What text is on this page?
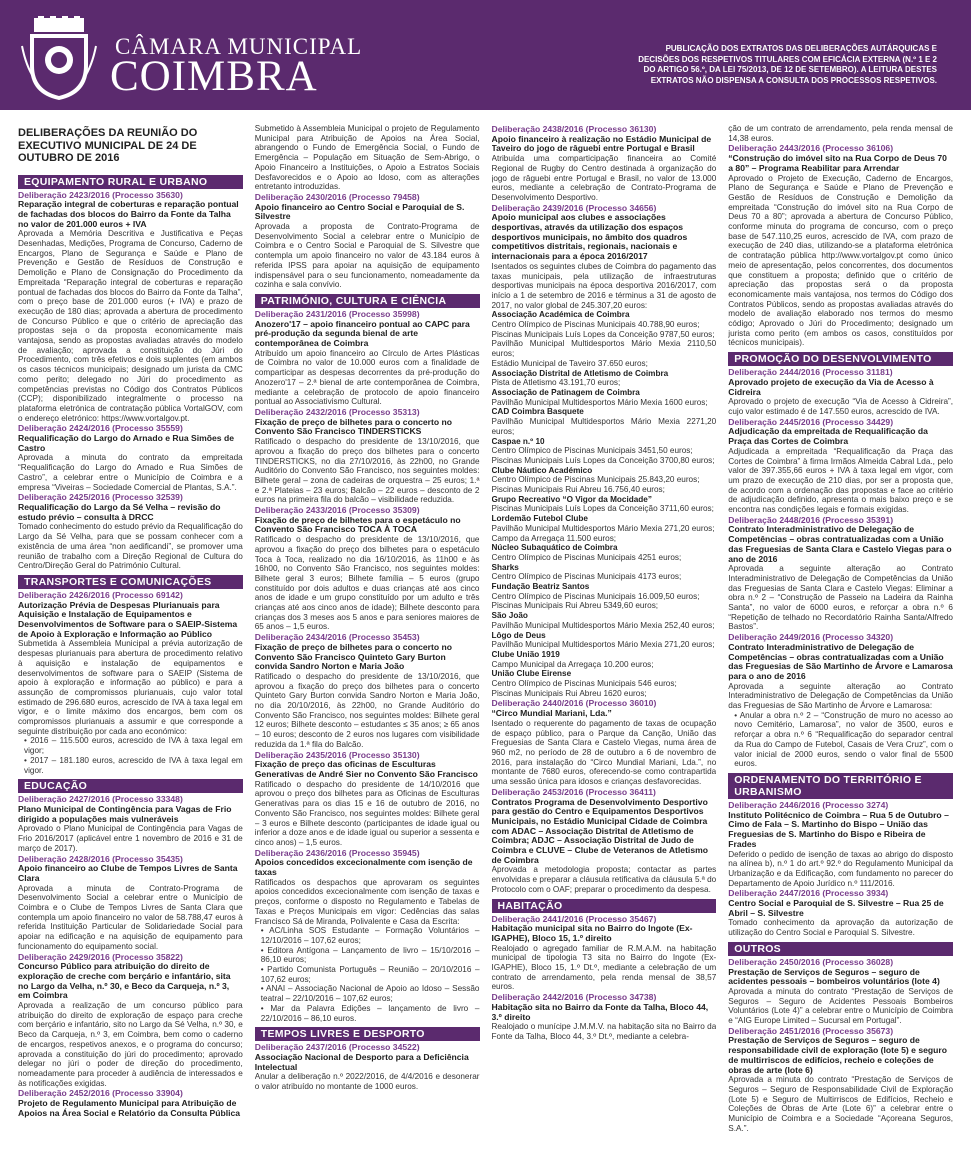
CÂMARA MUNICIPAL
COIMBRA
PUBLICAÇÃO DOS EXTRATOS DAS DELIBERAÇÕES AUTÁRQUICAS E DECISÕES DOS RESPETIVOS TITULARES COM EFICÁCIA EXTERNA (N.º 1 E 2 DO ARTIGO 56.º, DA LEI 75/2013, DE 12 DE SETEMBRO). A LEITURA DESTES EXTRATOS NÃO DISPENSA A CONSULTA DOS PROCESSOS RESPETIVOS.
DELIBERAÇÕES DA REUNIÃO DO EXECUTIVO MUNICIPAL DE 24 DE OUTUBRO DE 2016
EQUIPAMENTO RURAL E URBANO
Deliberação 2423/2016 (Processo 35630)
Reparação integral de coberturas e reparação pontual de fachadas dos blocos do Bairro da Fonte da Talha no valor de 201.000 euros + IVA
Aprovada a Memória Descritiva e Justificativa e Peças Desenhadas, Medições, Programa de Concurso, Caderno de Encargos, Plano de Segurança e Saúde e Plano de Prevenção e Gestão de Resíduos de Construção e Demolição e Plano de Consignação do Procedimento da Empreitada “Reparação integral de coberturas e reparação pontual de fachadas dos blocos do Bairro da Fonte da Talha”, com o preço base de 201.000 euros (+ IVA) e prazo de execução de 180 dias; aprovada a abertura de procedimento de Concurso Público e que o critério de apreciação das propostas seja o da proposta economicamente mais vantajosa, sendo as propostas avaliadas através do modelo de avaliação; aprovada a constituição do Júri do Procedimento, com três efetivos e dois suplentes (em ambos os casos técnicos municipais; designado um jurista da CMC como perito; delegado no Júri do procedimento as competências previstas no Código dos Contratos Públicos (CCP); disponibilizado integralmente o processo na plataforma eletrónica de contratação pública VortalGOV, com o endereço eletrónico: https://www.vortalgov.pt.
Deliberação 2424/2016 (Processo 35559)
Requalificação do Largo do Arnado e Rua Simões de Castro
Aprovada a minuta do contrato da empreitada “Requalificação do Largo do Arnado e Rua Simões de Castro”, a celebrar entre o Município de Coimbra e a empresa “Viveiras – Sociedade Comercial de Plantas, S.A.”.
Deliberação 2425/2016 (Processo 32539)
Requalificação do Largo da Sé Velha – revisão do estudo prévio – consulta à DRCC
Tomado conhecimento do estudo prévio da Requalificação do Largo da Sé Velha, para que se possam conhecer com a existência de uma área “non aedificandi”, se promover uma reunião de trabalho com a Direção Regional de Cultura do Centro/Direção Geral do Património Cultural.
TRANSPORTES E COMUNICAÇÕES
Deliberação 2426/2016 (Processo 69142)
Autorização Prévia de Despesas Plurianuais para Aquisição e Instalação de Equipamentos e Desenvolvimentos de Software para o SAEIP-Sistema de Apoio à Exploração e Informação ao Público
Submetida à Assembleia Municipal a prévia autorização de despesas plurianuais para abertura de procedimento relativo à aquisição e instalação de equipamentos e desenvolvimentos de software para o SAEIP (Sistema de apoio à exploração e informação ao público) e para a assunção de compromissos plurianuais, cujo valor total estimado de 296.680 euros, acrescido de IVA à taxa legal em vigor, e o limite máximo dos encargos, bem com os compromissos plurianuais a assumir e que corresponde a seguinte distribuição por cada ano económico:
• 2016 – 115.500 euros, acrescido de IVA à taxa legal em vigor;
• 2017 – 181.180 euros, acrescido de IVA à taxa legal em vigor.
EDUCAÇÃO
Deliberação 2427/2016 (Processo 33348)
Plano Municipal de Contingência para Vagas de Frio dirigido a populações mais vulneráveis
Aprovado o Plano Municipal de Contingência para Vagas de Frio 2016/2017 (aplicável entre 1 novembro de 2016 e 31 de março de 2017).
Deliberação 2428/2016 (Processo 35435)
Apoio financeiro ao Clube de Tempos Livres de Santa Clara
Aprovada a minuta de Contrato-Programa de Desenvolvimento Social a celebrar entre o Município de Coimbra e o Clube de Tempos Livres de Santa Clara que contempla um apoio financeiro no valor de 58.788,47 euros à referida Instituição Particular de Solidariedade Social para apoiar na edificação e na aquisição de equipamento para funcionamento do equipamento social.
Deliberação 2429/2016 (Processo 35822)
Concurso Público para atribuição do direito de exploração de creche com berçário e infantário, sita no Largo da Velha, n.º 30, e Beco da Carqueja, n.º 3, em Coimbra
Aprovada a realização de um concurso público para atribuição do direito de exploração de espaço para creche com berçário e infantário, sito no Largo da Sé Velha, n.º 30, e Beco da Carqueja, n.º 3, em Coimbra, bem como o caderno de encargos, respetivos anexos, e o programa do concurso; aprovada a constituição do júri do procedimento; aprovado delegar no júri o poder de direção do procedimento, nomeadamente para proceder à audiência de interessados e às notificações exigidas.
Deliberação 2452/2016 (Processo 33904)
Projeto de Regulamento Municipal para Atribuição de Apoios na Área Social e Relatório da Consulta Pública
Submetido à Assembleia Municipal o projeto de Regulamento Municipal para Atribuição de Apoios na Área Social, abrangendo o Fundo de Emergência Social, o Fundo de Emergência – População em Situação de Sem-Abrigo, o Apoio Financeiro a Instituições, o Apoio a Estratos Sociais Desfavorecidos e o Apoio ao Idoso, com as alterações entretanto introduzidas.
Deliberação 2430/2016 (Processo 79458)
Apoio financeiro ao Centro Social e Paroquial de S. Silvestre
Aprovada a proposta de Contrato-Programa de Desenvolvimento Social a celebrar entre o Município de Coimbra e o Centro Social e Paroquial de S. Silvestre que contempla um apoio financeiro no valor de 43.184 euros à referida IPSS para apoiar na aquisição de equipamento indispensável para o seu funcionamento, nomeadamente da cozinha e sala convívio.
PATRIMÓNIO, CULTURA E CIÊNCIA
Deliberação 2431/2016 (Processo 35998)
Anozero'17 – apoio financeiro pontual ao CAPC para pré-produção da segunda bienal de arte contemporânea de Coimbra
Atribuído um apoio financeiro ao Círculo de Artes Plásticas de Coimbra no valor de 10.000 euros com a finalidade de comparticipar as despesas decorrentes da pré-produção do Anozero'17 – 2.ª bienal de arte contemporânea de Coimbra, mediante a celebração de protocolo de apoio financeiro pontual ao Associativismo Cultural.
Deliberação 2432/2016 (Processo 35313)
Fixação de preço de bilhetes para o concerto no Convento São Francisco TINDERSTICKS
Ratificado o despacho do presidente de 13/10/2016, que aprovou a fixação do preço dos bilhetes para o concerto TINDERSTICKS, no dia 27/10/2016, às 22h00, no Grande Auditório do Convento São Francisco, nos seguintes moldes: Bilhete geral – zona de cadeiras de orquestra – 25 euros; 1.ª e 2.ª Plateias – 23 euros; Balcão – 22 euros – desconto de 2 euros na primeira fila do balcão – visibilidade reduzida.
Deliberação 2433/2016 (Processo 35309)
Fixação de preço de bilhetes para o espetáculo no Convento São Francisco TOCA À TOCA
Ratificado o despacho do presidente de 13/10/2016, que aprovou a fixação do preço dos bilhetes para o espetáculo Toca à Toca, realizado no dia 16/10/2016, às 11h00 e às 16h00, no Convento São Francisco, nos seguintes moldes: Bilhete geral 3 euros; Bilhete família – 5 euros (grupo constituído por dois adultos e duas crianças até aos cinco anos de idade e um grupo constituído por um adulto e três crianças até aos cinco anos de idade); Bilhete desconto para crianças dos 3 meses aos 5 anos e para seniores maiores de 65 anos – 1,5 euros.
Deliberação 2434/2016 (Processo 35453)
Fixação de preço de bilhetes para o concerto no Convento São Francisco Quinteto Gary Burton convida Sandro Norton e Maria João
Ratificado o despacho do presidente de 13/10/2016, que aprovou a fixação do preço dos bilhetes para o concerto Quinteto Gary Burton convida Sandro Norton e Maria João, no dia 20/10/2016, às 22h00, no Grande Auditório do Convento São Francisco, nos seguintes moldes: Bilhete geral 12 euros; Bilhete desconto – estudantes ≤ 35 anos; ≥ 65 anos – 10 euros; desconto de 2 euros nos lugares com visibilidade reduzida da 1.ª fila do Balcão.
Deliberação 2435/2016 (Processo 35130)
Fixação de preço das oficinas de Esculturas Generativas de André Sier no Convento São Francisco
Ratificado o despacho do presidente de 14/10/2016 que aprovou o preço dos bilhetes para as Oficinas de Esculturas Generativas para os dias 15 e 16 de outubro de 2016, no Convento São Francisco, nos seguintes moldes: Bilhete geral – 3 euros e Bilhete desconto (participantes de idade igual ou inferior a doze anos e de idade igual ou superior a sessenta e cinco anos) – 1,5 euros.
Deliberação 2436/2016 (Processo 35945)
Apoios concedidos excecionalmente com isenção de taxas
Ratificados os despachos que aprovaram os seguintes apoios concedidos excecionalmente com isenção de taxas e preços, conforme o disposto no Regulamento e Tabelas de Taxas e Preços Municipais em vigor: Cedências das salas Francisco Sá de Miranda, Polivalente e Casa da Escrita:
• AC/Linha SOS Estudante – Formação Voluntários – 12/10/2016 – 107,62 euros;
• Editora Antígona – Lançamento de livro – 15/10/2016 – 86,10 euros;
• Partido Comunista Português – Reunião – 20/10/2016 – 107,62 euros;
• ANAI – Associação Nacional de Apoio ao Idoso – Sessão teatral – 22/10/2016 – 107,62 euros;
• Mar da Palavra Edições – lançamento de livro – 22/10/2016 – 86,10 euros.
TEMPOS LIVRES E DESPORTO
Deliberação 2437/2016 (Processo 34522)
Associação Nacional de Desporto para a Deficiência Intelectual
Anular a deliberação n.º 2022/2016, de 4/4/2016 e desonerar o valor atribuído no montante de 1000 euros.
Deliberação 2438/2016 (Processo 36130)
Apoio financeiro à realização no Estádio Municipal de Taveiro do jogo de râguebi entre Portugal e Brasil
Atribuída uma comparticipação financeira ao Comité Regional de Rugby do Centro destinada à organização do jogo de râguebi entre Portugal e Brasil, no valor de 13.000 euros, mediante a celebração de Contrato-Programa de Desenvolvimento Desportivo.
Deliberação 2439/2016 (Processo 34656)
Apoio municipal aos clubes e associações desportivas, através da utilização dos espaços desportivos municipais, no âmbito dos quadros competitivos distritais, regionais, nacionais e internacionais para a época 2016/2017
Isentados os seguintes clubes de Coimbra do pagamento das taxas municipais, pela utilização de infraestruturas desportivas municipais na época desportiva 2016/2017, com início a 1 de setembro de 2016 e términus a 31 de agosto de 2017, no valor global de 245.307,20 euros:
Associação Académica de Coimbra
Centro Olímpico de Piscinas Municipais 40.788,90 euros;
Piscinas Municipais Luís Lopes da Conceição 9787,50 euros;
Pavilhão Municipal Multidesportos Mário Mexia 2110,50 euros;
Estádio Municipal de Taveiro 37.650 euros;
Associação Distrital de Atletismo de Coimbra
Pista de Atletismo 43.191,70 euros;
Associação de Patinagem de Coimbra
Pavilhão Municipal Multidesportos Mário Mexia 1600 euros;
CAD Coimbra Basquete
Pavilhão Municipal Multidesportos Mário Mexia 2271,20 euros;
Caspae n.º 10
Centro Olímpico de Piscinas Municipais 3451,50 euros;
Piscinas Municipais Luís Lopes da Conceição 3700,80 euros;
Clube Náutico Académico
Centro Olímpico de Piscinas Municipais 25.843,20 euros;
Piscinas Municipais Rui Abreu 16.756,40 euros;
Grupo Recreativo “O Vigor da Mocidade”
Piscinas Municipais Luís Lopes da Conceição 3711,60 euros;
Lordemão Futebol Clube
Pavilhão Municipal Multidesportos Mário Mexia 271,20 euros;
Campo da Arregaça 11.500 euros;
Núcleo Subaquático de Coimbra
Centro Olímpico de Piscinas Municipais 4251 euros;
Sharks
Centro Olímpico de Piscinas Municipais 4173 euros;
Fundação Beatriz Santos
Centro Olímpico de Piscinas Municipais 16.009,50 euros;
Piscinas Municipais Rui Abreu 5349,60 euros;
São João
Pavilhão Municipal Multidesportos Mário Mexia 252,40 euros;
Lôgo de Deus
Pavilhão Municipal Multidesportos Mário Mexia 271,20 euros;
Clube União 1919
Campo Municipal da Arregaça 10.200 euros;
União Clube Eirense
Centro Olímpico de Piscinas Municipais 546 euros;
Piscinas Municipais Rui Abreu 1620 euros;
Deliberação 2440/2016 (Processo 36010)
“Circo Mundial Mariani, Lda.”
Isentado o requerente do pagamento de taxas de ocupação de espaço público, para o Parque da Canção, União das Freguesias de Santa Clara e Castelo Viegas, numa área de 960 m2, no período de 28 de outubro a 6 de novembro de 2016, para instalação do “Circo Mundial Mariani, Lda.”, no montante de 7680 euros, oferecendo-se como contrapartida uma sessão única para idosos e crianças desfavorecidas.
Deliberação 2453/2016 (Processo 36411)
Contratos Programa de Desenvolvimento Desportivo para gestão do Centro e Equipamentos Desportivos Municipais, no Estádio Municipal Cidade de Coimbra com ADAC – Associação Distrital de Atletismo de Coimbra; ADJC – Associação Distrital de Judo de Coimbra e CLUVE – Clube de Veteranos de Atletismo de Coimbra
Aprovada a metodologia proposta; contactar as partes envolvidas e preparar a cláusula retificativa da cláusula 5.ª do Protocolo com o OAF; preparar o procedimento da despesa.
HABITAÇÃO
Deliberação 2441/2016 (Processo 35467)
Habitação municipal sita no Bairro do Ingote (Ex-IGAPHE), Bloco 15, 1.º direito
Realojado o agregado familiar de R.M.A.M. na habitação municipal de tipologia T3 sita no Bairro do Ingote (Ex-IGAPHE), Bloco 15, 1.º Dt.º, mediante a celebração de um contrato de arrendamento, pela renda mensal de 38,57 euros.
Deliberação 2442/2016 (Processo 34738)
Habitação sita no Bairro da Fonte da Talha, Bloco 44, 3.º direito
Realojado o munícipe J.M.M.V. na habitação sita no Bairro da Fonte da Talha, Bloco 44, 3.º Dt.º, mediante a celebra-
ção de um contrato de arrendamento, pela renda mensal de 14,38 euros.
Deliberação 2443/2016 (Processo 36106)
“Construção do imóvel sito na Rua Corpo de Deus 70 a 80” – Programa Reabilitar para Arrendar
Aprovado o Projeto de Execução, Caderno de Encargos, Plano de Segurança e Saúde e Plano de Prevenção e Gestão de Resíduos de Construção e Demolição da empreitada “Construção do imóvel sito na Rua Corpo de Deus 70 a 80”; aprovada a abertura de Concurso Público, conforme minuta do programa de concurso, com o preço base de 547.110,25 euros, acrescido de IVA, com prazo de execução de 240 dias, utilizando-se a plataforma eletrónica de contratação pública http://www.vortalgov.pt como único meio de apresentação, pelos concorrentes, dos documentos que constituem a proposta; definido que o critério de apreciação das propostas será o da proposta economicamente mais vantajosa, nos termos do Código dos Contratos Públicos, sendo as propostas avaliadas através do modelo de avaliação elaborado nos termos do mesmo código; Aprovado o Júri do Procedimento; designado um jurista como perito (em ambos os casos, constituídos por técnicos municipais).
PROMOÇÃO DO DESENVOLVIMENTO
Deliberação 2444/2016 (Processo 31181)
Aprovado projeto de execução da Via de Acesso à Cidreira
Aprovado o projeto de execução “Via de Acesso à Cidreira”, cujo valor estimado é de 147.550 euros, acrescido de IVA.
Deliberação 2445/2016 (Processo 34429)
Adjudicação da empreitada de Requalificação da Praça das Cortes de Coimbra
Adjudicada a empreitada “Requalificação da Praça das Cortes de Coimbra” à firma Irmãos Almeida Cabral Lda., pelo valor de 397.355,66 euros + IVA à taxa legal em vigor, com um prazo de execução de 210 dias, por ser a proposta que, de acordo com a ordenação das propostas e face ao critério de adjudicação definido, apresenta o mais baixo preço e se encontra nas condições legais e formais exigidas.
Deliberação 2448/2016 (Processo 35391)
Contrato Interadministrativo de Delegação de Competências – obras contratualizadas com a União das Freguesias de Santa Clara e Castelo Viegas para o ano de 2016
Aprovada a seguinte alteração ao Contrato Interadministrativo de Delegação de Competências da União das Freguesias de Santa Clara e Castelo Viegas: Eliminar a obra n.º 2 – “Construção de Passeio na Ladeira da Rainha Santa”, no valor de 6000 euros, e reforçar a obra n.º 6 “Repetição de telhado no Recordatório Rainha Santa/Alfredo Bastos”.
Deliberação 2449/2016 (Processo 34320)
Contrato Interadministrativo de Delegação de Competências – obras contratualizadas com a União das Freguesias de São Martinho de Árvore e Lamarosa para o ano de 2016
Aprovada a seguinte alteração ao Contrato Interadministrativo de Delegação de Competências da União das Freguesias de São Martinho de Árvore e Lamarosa:
• Anular a obra n.º 2 – “Construção de muro no acesso ao novo Cemitério, Lamarosa”, no valor de 3500, euros e reforçar a obra n.º 6 “Requalificação do separador central da Rua do Campo de Futebol, Casais de Vera Cruz”, com o valor inicial de 2000 euros, sendo o valor final de 5500 euros.
ORDENAMENTO DO TERRITÓRIO E URBANISMO
Deliberação 2446/2016 (Processo 3274)
Instituto Politécnico de Coimbra – Rua 5 de Outubro – Cimo de Fala – S. Martinho do Bispo – União das Freguesias de S. Martinho do Bispo e Ribeira de Frades
Deferido o pedido de isenção de taxas ao abrigo do disposto na alínea b), n.º 1 do art.º 92.º do Regulamento Municipal da Urbanização e da Edificação, com fundamento no parecer do Departamento de Apoio Jurídico n.º 111/2016.
Deliberação 2447/2016 (Processo 3934)
Centro Social e Paroquial de S. Silvestre – Rua 25 de Abril – S. Silvestre
Tomado conhecimento da aprovação da autorização de utilização do Centro Social e Paroquial S. Silvestre.
OUTROS
Deliberação 2450/2016 (Processo 36028)
Prestação de Serviços de Seguros – seguro de acidentes pessoais – bombeiros voluntários (lote 4)
Aprovada a minuta do contrato “Prestação de Serviços de Seguros – Seguro de Acidentes Pessoais Bombeiros Voluntários (Lote 4)” a celebrar entre o Município de Coimbra e “AIG Europe Limited – Sucursal em Portugal”.
Deliberação 2451/2016 (Processo 35673)
Prestação de Serviços de Seguros – seguro de responsabilidade civil de exploração (lote 5) e seguro de multirriscos de edifícios, recheio e coleções de obras de arte (lote 6)
Aprovada a minuta do contrato “Prestação de Serviços de Seguros – Seguro de Responsabilidade Civil de Exploração (Lote 5) e Seguro de Multirriscos de Edifícios, Recheio e Coleções de Obras de Arte (Lote 6)” a celebrar entre o Município de Coimbra e a Sociedade “Açoreana Seguros, S.A.”.
